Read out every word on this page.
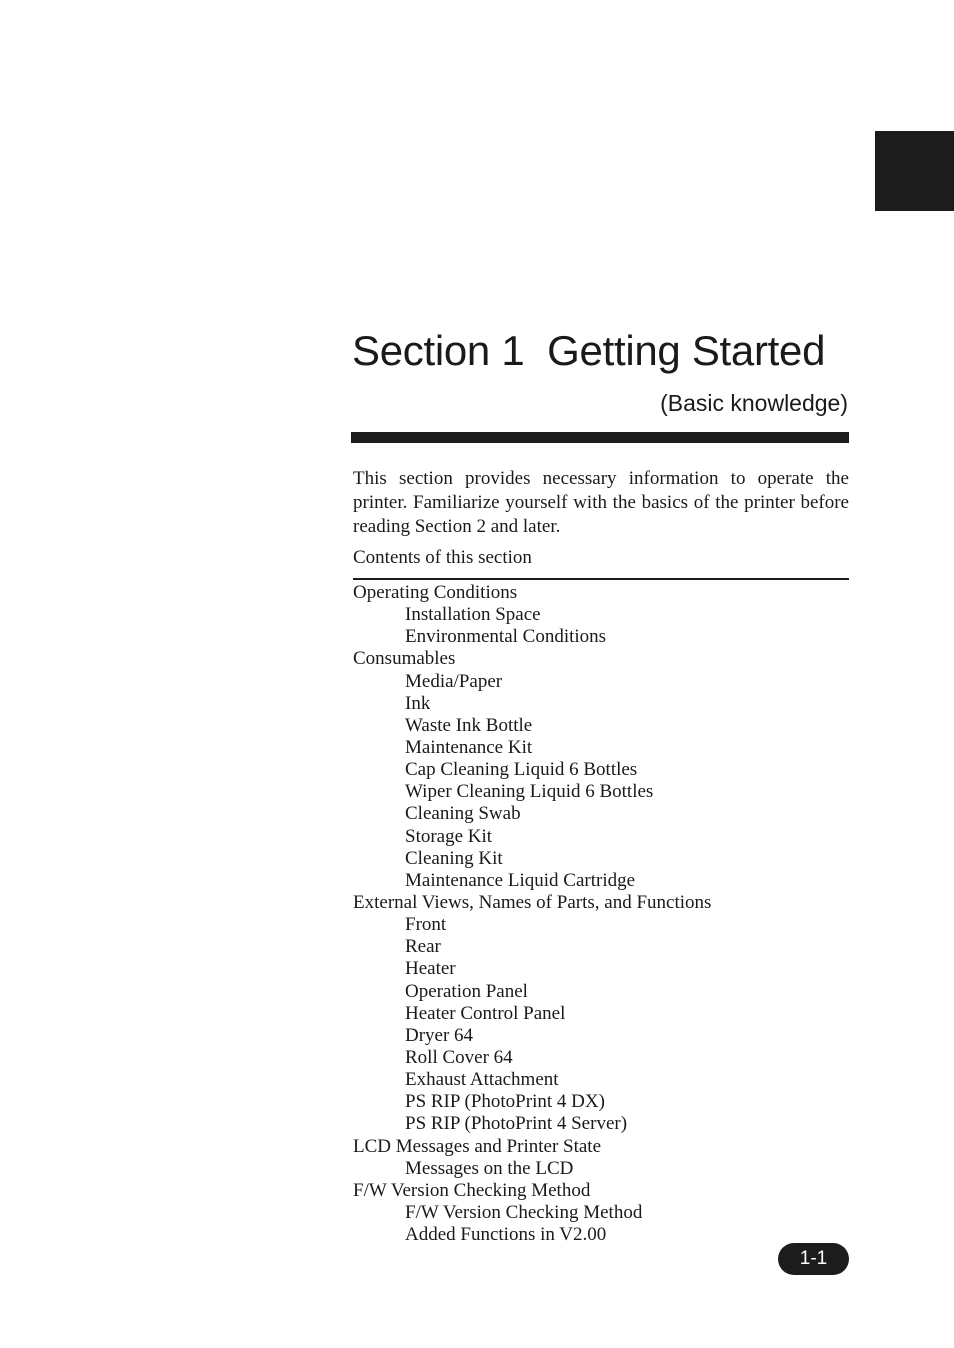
Section 1  Getting Started
(Basic knowledge)

This section provides necessary information to operate the printer. Familiarize yourself with the basics of the printer before reading Section 2 and later.

Contents of this section
Operating Conditions
Installation Space
Environmental Conditions
Consumables
Media/Paper
Ink
Waste Ink Bottle
Maintenance Kit
Cap Cleaning Liquid 6 Bottles
Wiper Cleaning Liquid 6 Bottles
Cleaning Swab
Storage Kit
Cleaning Kit
Maintenance Liquid Cartridge
External Views, Names of Parts, and Functions
Front
Rear
Heater
Operation Panel
Heater Control Panel
Dryer 64
Roll Cover 64
Exhaust Attachment
PS RIP (PhotoPrint 4 DX)
PS RIP (PhotoPrint 4 Server)
LCD Messages and Printer State
Messages on the LCD
F/W Version Checking Method
F/W Version Checking Method
Added Functions in V2.00
1-1
